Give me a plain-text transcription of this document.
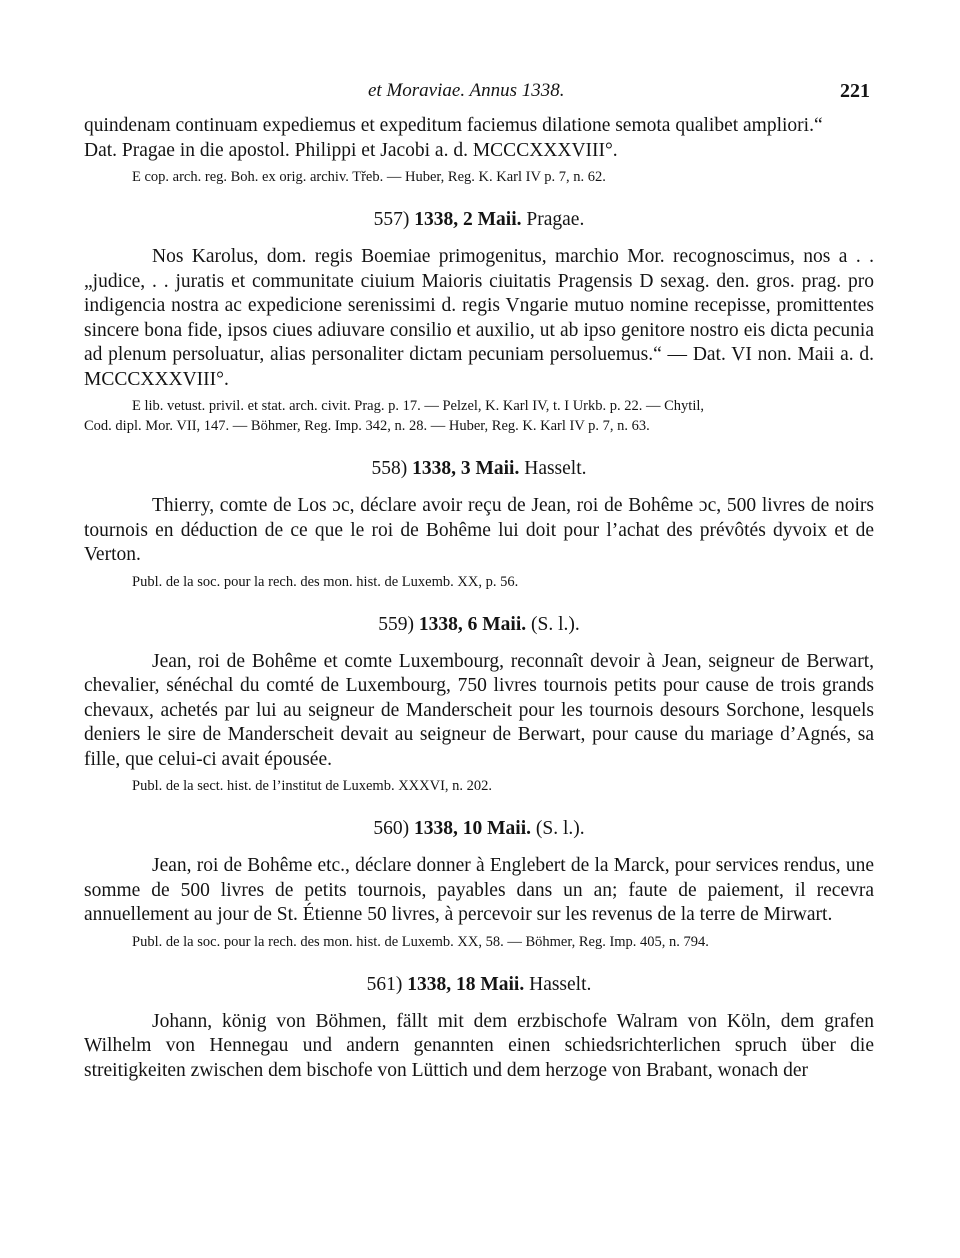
et Moraviae. Annus 1338.	221

quindenam continuam expediemus et expeditum faciemus dilatione semota qualibet ampliori.“

Dat. Pragae in die apostol. Philippi et Jacobi a. d. MCCCXXXVIII°.

E cop. arch. reg. Boh. ex orig. archiv. Třeb. — Huber, Reg. K. Karl IV p. 7, n. 62.

557) 1338, 2 Maii. Pragae.

Nos Karolus, dom. regis Boemiae primogenitus, marchio Mor. recognoscimus, nos a . . „judice, . . juratis et communitate ciuium Maioris ciuitatis Pragensis D sexag. den. gros. prag. pro indigencia nostra ac expedicione serenissimi d. regis Vngarie mutuo nomine recepisse, promittentes sincere bona fide, ipsos ciues adiuvare consilio et auxilio, ut ab ipso genitore nostro eis dicta pecunia ad plenum persoluatur, alias personaliter dictam pecuniam persoluemus.“ — Dat. VI non. Maii a. d. MCCCXXXVIII°.

E lib. vetust. privil. et stat. arch. civit. Prag. p. 17. — Pelzel, K. Karl IV, t. I Urkb. p. 22. — Chytil,

Cod. dipl. Mor. VII, 147. — Böhmer, Reg. Imp. 342, n. 28. — Huber, Reg. K. Karl IV p. 7, n. 63.

558) 1338, 3 Maii. Hasselt.

Thierry, comte de Los ɔc, déclare avoir reçu de Jean, roi de Bohême ɔc, 500 livres de noirs tournois en déduction de ce que le roi de Bohême lui doit pour l’achat des prévôtés dyvoix et de Verton.

Publ. de la soc. pour la rech. des mon. hist. de Luxemb. XX, p. 56.

559) 1338, 6 Maii. (S. l.).

Jean, roi de Bohême et comte Luxembourg, reconnaît devoir à Jean, seigneur de Berwart, chevalier, sénéchal du comté de Luxembourg, 750 livres tournois petits pour cause de trois grands chevaux, achetés par lui au seigneur de Manderscheit pour les tournois desours Sorchone, lesquels deniers le sire de Manderscheit devait au seigneur de Berwart, pour cause du mariage d’Agnés, sa fille, que celui-ci avait épousée.

Publ. de la sect. hist. de l’institut de Luxemb. XXXVI, n. 202.

560) 1338, 10 Maii. (S. l.).

Jean, roi de Bohême etc., déclare donner à Englebert de la Marck, pour services rendus, une somme de 500 livres de petits tournois, payables dans un an; faute de paiement, il recevra annuellement au jour de St. Étienne 50 livres, à percevoir sur les revenus de la terre de Mirwart.

Publ. de la soc. pour la rech. des mon. hist. de Luxemb. XX, 58. — Böhmer, Reg. Imp. 405, n. 794.

561) 1338, 18 Maii. Hasselt.

Johann, könig von Böhmen, fällt mit dem erzbischofe Walram von Köln, dem grafen Wilhelm von Hennegau und andern genannten einen schiedsrichterlichen spruch über die streitigkeiten zwischen dem bischofe von Lüttich und dem herzoge von Brabant, wonach der
